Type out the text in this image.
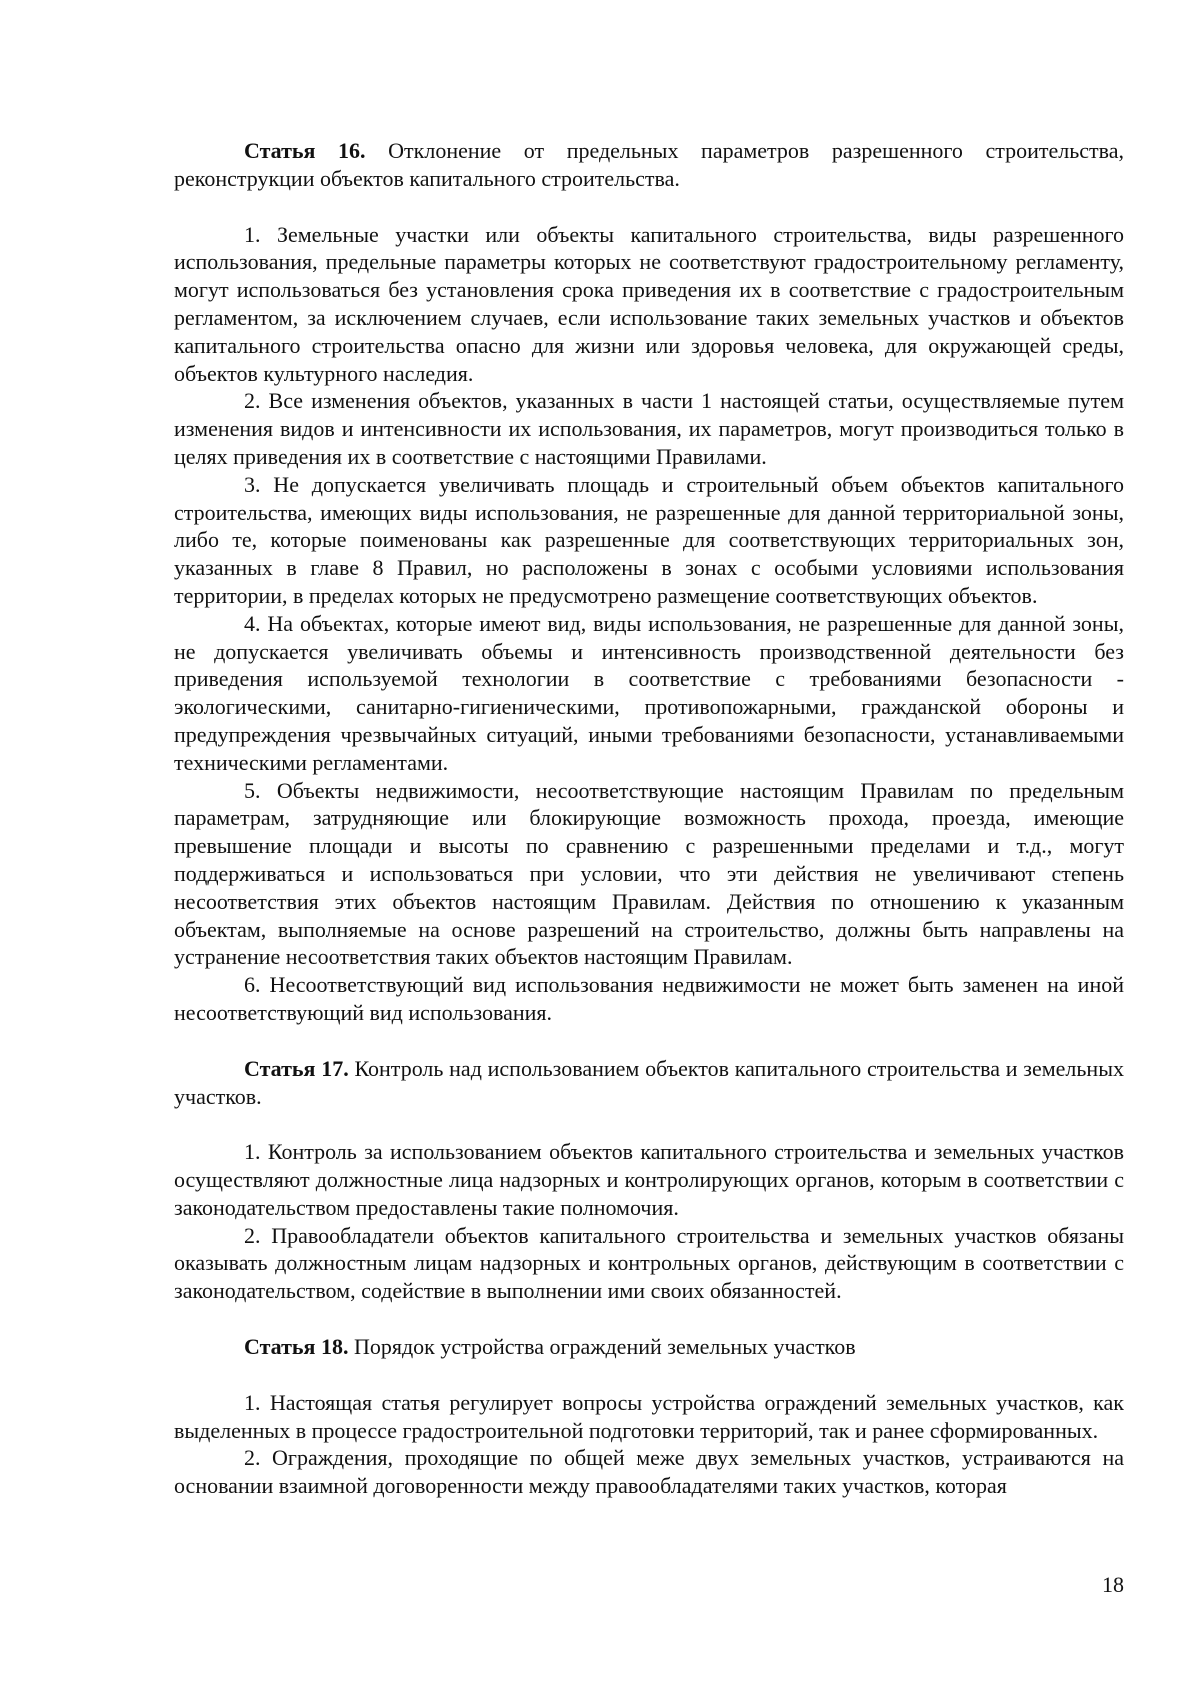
Статья 16. Отклонение от предельных параметров разрешенного строительства, реконструкции объектов капитального строительства.

1. Земельные участки или объекты капитального строительства, виды разрешенного использования, предельные параметры которых не соответствуют градостроительному регламенту, могут использоваться без установления срока приведения их в соответствие с градостроительным регламентом, за исключением случаев, если использование таких земельных участков и объектов капитального строительства опасно для жизни или здоровья человека, для окружающей среды, объектов культурного наследия.

2. Все изменения объектов, указанных в части 1 настоящей статьи, осуществляемые путем изменения видов и интенсивности их использования, их параметров, могут производиться только в целях приведения их в соответствие с настоящими Правилами.

3. Не допускается увеличивать площадь и строительный объем объектов капитального строительства, имеющих виды использования, не разрешенные для данной территориальной зоны, либо те, которые поименованы как разрешенные для соответствующих территориальных зон, указанных в главе 8 Правил, но расположены в зонах с особыми условиями использования территории, в пределах которых не предусмотрено размещение соответствующих объектов.

4. На объектах, которые имеют вид, виды использования, не разрешенные для данной зоны, не допускается увеличивать объемы и интенсивность производственной деятельности без приведения используемой технологии в соответствие с требованиями безопасности - экологическими, санитарно-гигиеническими, противопожарными, гражданской обороны и предупреждения чрезвычайных ситуаций, иными требованиями безопасности, устанавливаемыми техническими регламентами.

5. Объекты недвижимости, несоответствующие настоящим Правилам по предельным параметрам, затрудняющие или блокирующие возможность прохода, проезда, имеющие превышение площади и высоты по сравнению с разрешенными пределами и т.д., могут поддерживаться и использоваться при условии, что эти действия не увеличивают степень несоответствия этих объектов настоящим Правилам. Действия по отношению к указанным объектам, выполняемые на основе разрешений на строительство, должны быть направлены на устранение несоответствия таких объектов настоящим Правилам.

6. Несоответствующий вид использования недвижимости не может быть заменен на иной несоответствующий вид использования.

Статья 17. Контроль над использованием объектов капитального строительства и земельных участков.

1. Контроль за использованием объектов капитального строительства и земельных участков осуществляют должностные лица надзорных и контролирующих органов, которым в соответствии с законодательством предоставлены такие полномочия.

2. Правообладатели объектов капитального строительства и земельных участков обязаны оказывать должностным лицам надзорных и контрольных органов, действующим в соответствии с законодательством, содействие в выполнении ими своих обязанностей.

Статья 18. Порядок устройства ограждений земельных участков

1. Настоящая статья регулирует вопросы устройства ограждений земельных участков, как выделенных в процессе градостроительной подготовки территорий, так и ранее сформированных.

2. Ограждения, проходящие по общей меже двух земельных участков, устраиваются на основании взаимной договоренности между правообладателями таких участков, которая

18
